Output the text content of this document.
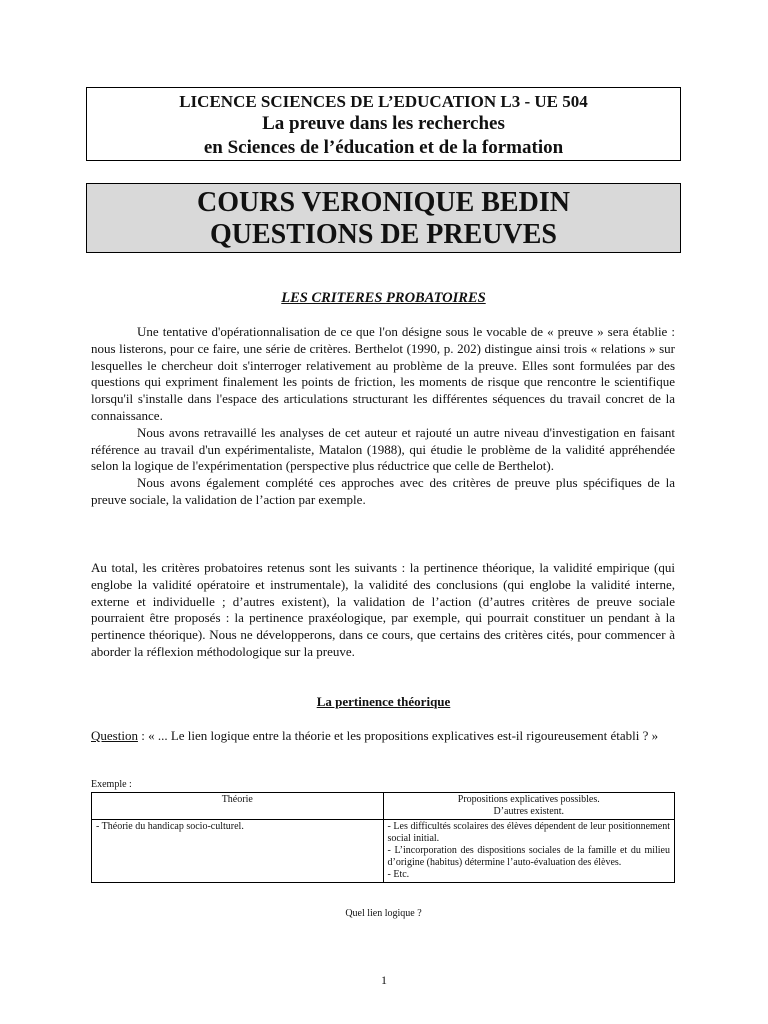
LICENCE SCIENCES DE L’EDUCATION L3 - UE 504
La preuve dans les recherches
en Sciences de l’éducation et de la formation
COURS VERONIQUE BEDIN
QUESTIONS DE PREUVES
LES CRITERES PROBATOIRES

Une tentative d'opérationnalisation de ce que l'on désigne sous le vocable de « preuve » sera établie : nous listerons, pour ce faire, une série de critères. Berthelot (1990, p. 202) distingue ainsi trois « relations » sur lesquelles le chercheur doit s'interroger relativement au problème de la preuve. Elles sont formulées par des questions qui expriment finalement les points de friction, les moments de risque que rencontre le scientifique lorsqu'il s'installe dans l'espace des articulations structurant les différentes séquences du travail concret de la connaissance.

Nous avons retravaillé les analyses de cet auteur et rajouté un autre niveau d'investigation en faisant référence au travail d'un expérimentaliste, Matalon (1988), qui étudie le problème de la validité appréhendée selon la logique de l'expérimentation (perspective plus réductrice que celle de Berthelot).

Nous avons également complété ces approches avec des critères de preuve plus spécifiques de la preuve sociale, la validation de l’action par exemple.

Au total, les critères probatoires retenus sont les suivants : la pertinence théorique, la validité empirique (qui englobe la validité opératoire et instrumentale), la validité des conclusions (qui englobe la validité interne, externe et individuelle ; d’autres existent), la validation de l’action (d’autres critères de preuve sociale pourraient être proposés : la pertinence praxéologique, par exemple, qui pourrait constituer un pendant à la pertinence théorique). Nous ne développerons, dans ce cours, que certains des critères cités, pour commencer à aborder la réflexion méthodologique sur la preuve.

La pertinence théorique

Question : « ... Le lien logique entre la théorie et les propositions explicatives est-il rigoureusement établi ? »

Exemple :
Théorie	Propositions explicatives possibles.
D’autres existent.

- Théorie du handicap socio-culturel.	- Les difficultés scolaires des élèves dépendent de leur positionnement social initial.
- L’incorporation des dispositions sociales de la famille et du milieu d’origine (habitus) détermine l’auto-évaluation des élèves.
- Etc.
Quel lien logique ?
1
